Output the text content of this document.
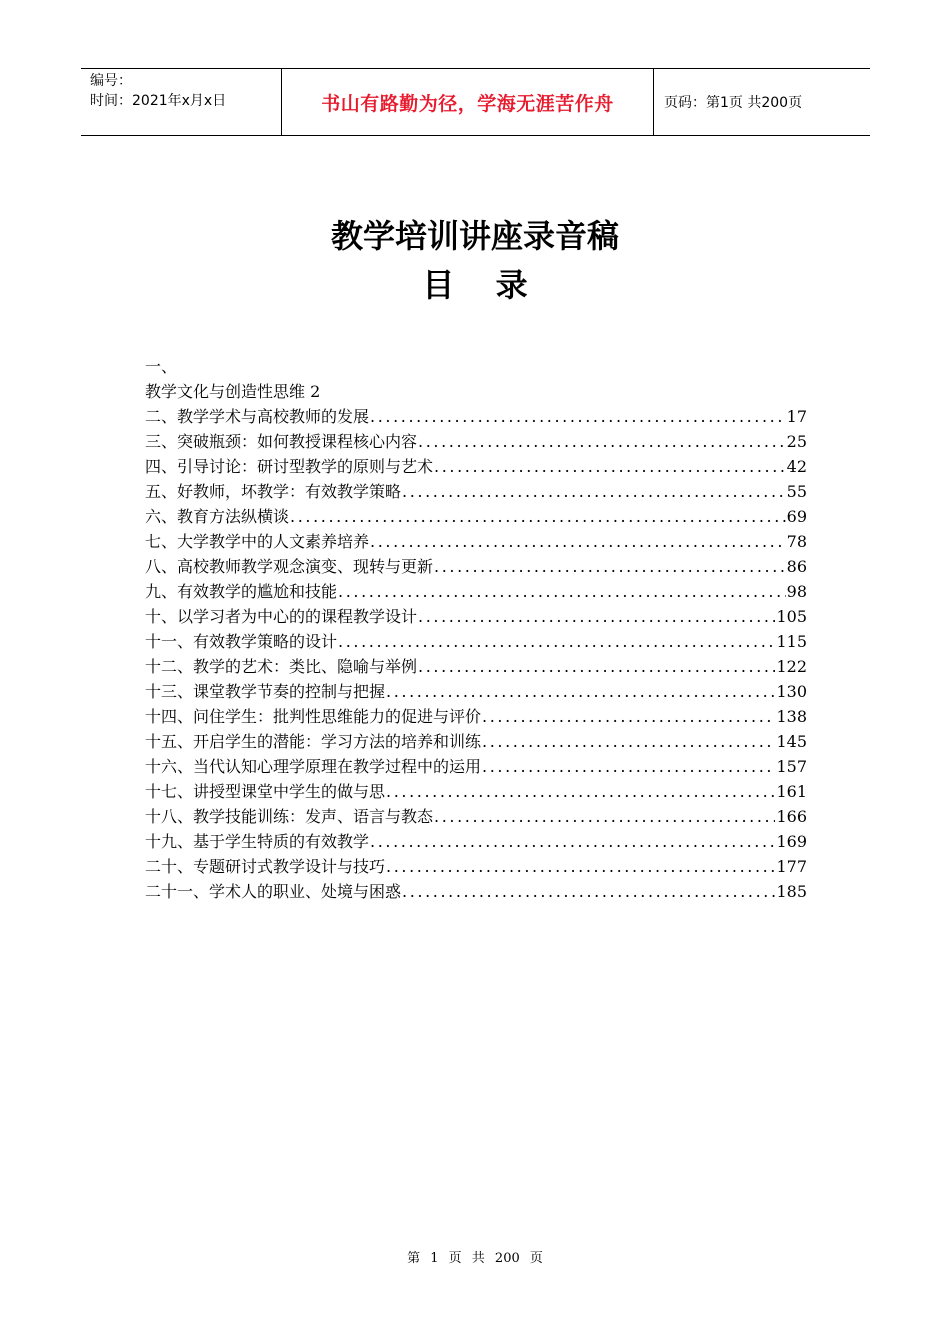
编号：
时间：2021年x月x日	书山有路勤为径，学海无涯苦作舟	页码：第1页 共200页
教学培训讲座录音稿
目 录
一、
教学文化与创造性思维 2
二、教学学术与高校教师的发展 .....	17
三、突破瓶颈：如何教授课程核心内容 .....	25
四、引导讨论：研讨型教学的原则与艺术 .....	42
五、好教师，坏教学：有效教学策略 .....	55
六、教育方法纵横谈 .....	69
七、大学教学中的人文素养培养 .....	78
八、高校教师教学观念演变、现转与更新 .....	86
九、有效教学的尴尬和技能 .....	98
十、以学习者为中心的的课程教学设计 .....	105
十一、有效教学策略的设计 .....	115
十二、教学的艺术：类比、隐喻与举例 .....	122
十三、课堂教学节奏的控制与把握 .....	130
十四、问住学生：批判性思维能力的促进与评价 .....	138
十五、开启学生的潜能：学习方法的培养和训练 .....	145
十六、当代认知心理学原理在教学过程中的运用 .....	157
十七、讲授型课堂中学生的做与思 .....	161
十八、教学技能训练：发声、语言与教态 .....	166
十九、基于学生特质的有效教学 .....	169
二十、专题研讨式教学设计与技巧 .....	177
二十一、学术人的职业、处境与困惑 .....	185
第 1 页 共 200 页
